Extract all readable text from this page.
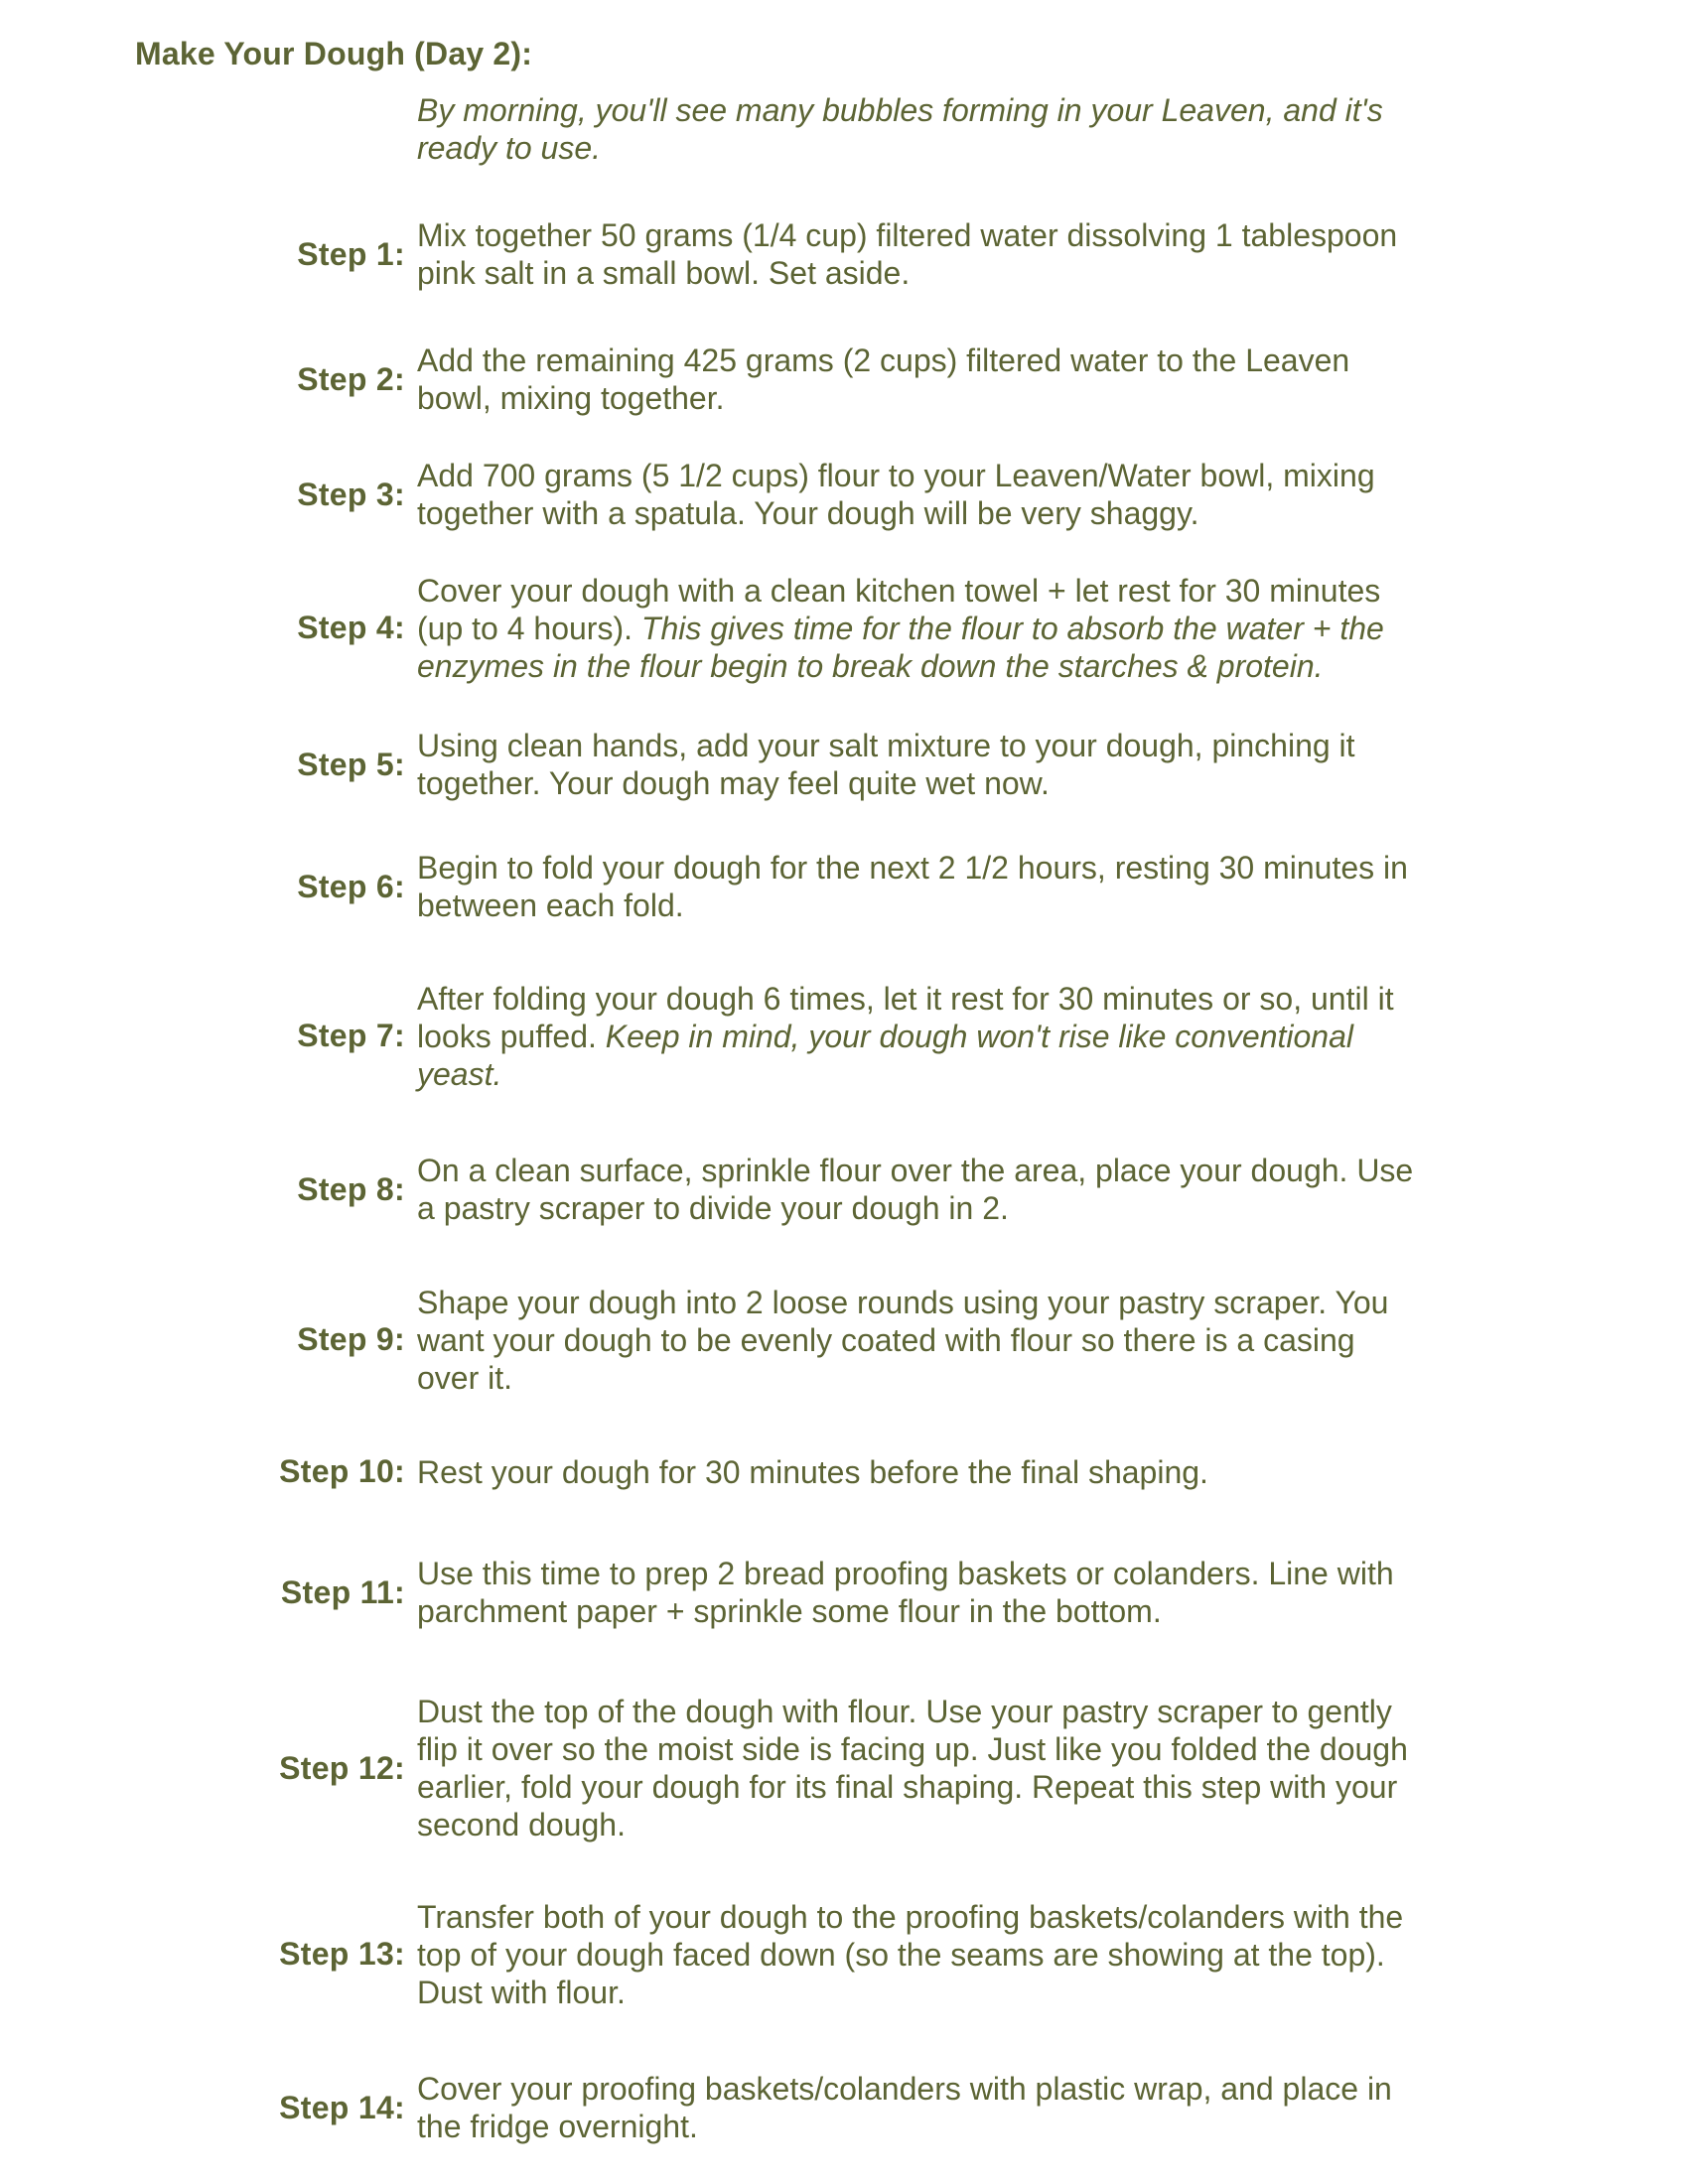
Make Your Dough (Day 2):

By morning, you'll see many bubbles forming in your Leaven, and it's ready to use.

Step 1:

Mix together 50 grams (1/4 cup) filtered water dissolving 1 tablespoon pink salt in a small bowl. Set aside.

Step 2:

Add the remaining 425 grams (2 cups) filtered water to the Leaven bowl, mixing together.

Step 3:

Add 700 grams (5 1/2 cups) flour to your Leaven/Water bowl, mixing together with a spatula. Your dough will be very shaggy.

Step 4:

Cover your dough with a clean kitchen towel + let rest for 30 minutes (up to 4 hours). This gives time for the flour to absorb the water + the enzymes in the flour begin to break down the starches & protein.

Step 5:

Using clean hands, add your salt mixture to your dough, pinching it together. Your dough may feel quite wet now.

Step 6:

Begin to fold your dough for the next 2 1/2 hours, resting 30 minutes in between each fold.

Step 7:

After folding your dough 6 times, let it rest for 30 minutes or so, until it looks puffed. Keep in mind, your dough won't rise like conventional yeast.

Step 8:

On a clean surface, sprinkle flour over the area, place your dough. Use a pastry scraper to divide your dough in 2.

Step 9:

Shape your dough into 2 loose rounds using your pastry scraper. You want your dough to be evenly coated with flour so there is a casing over it.

Step 10: Rest your dough for 30 minutes before the final shaping.

Step 11:

Use this time to prep 2 bread proofing baskets or colanders. Line with parchment paper + sprinkle some flour in the bottom.

Step 12:

Dust the top of the dough with flour. Use your pastry scraper to gently flip it over so the moist side is facing up. Just like you folded the dough earlier, fold your dough for its final shaping. Repeat this step with your second dough.

Step 13:

Transfer both of your dough to the proofing baskets/colanders with the top of your dough faced down (so the seams are showing at the top). Dust with flour.

Step 14:

Cover your proofing baskets/colanders with plastic wrap, and place in the fridge overnight.
